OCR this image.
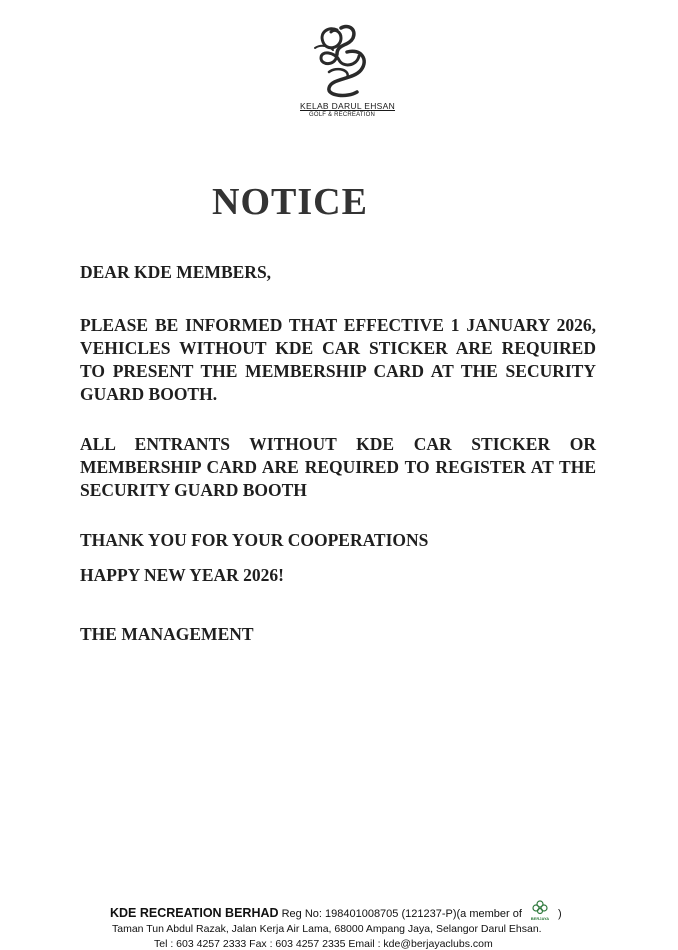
KELAB DARUL EHSAN
GOLF & RECREATION
NOTICE
DEAR KDE MEMBERS,
PLEASE BE INFORMED THAT EFFECTIVE 1 JANUARY 2026, VEHICLES WITHOUT KDE CAR STICKER ARE REQUIRED TO PRESENT THE MEMBERSHIP CARD AT THE SECURITY GUARD BOOTH.
ALL ENTRANTS WITHOUT KDE CAR STICKER OR MEMBERSHIP CARD ARE REQUIRED TO REGISTER AT THE SECURITY GUARD BOOTH
THANK YOU FOR YOUR COOPERATIONS
HAPPY NEW YEAR 2026!
THE MANAGEMENT
KDE RECREATION BERHAD Reg No: 198401008705 (121237-P)(a member of	BERJAYA )
Taman Tun Abdul Razak, Jalan Kerja Air Lama, 68000 Ampang Jaya, Selangor Darul Ehsan.
Tel : 603 4257 2333 Fax : 603 4257 2335 Email : kde@berjayaclubs.com
